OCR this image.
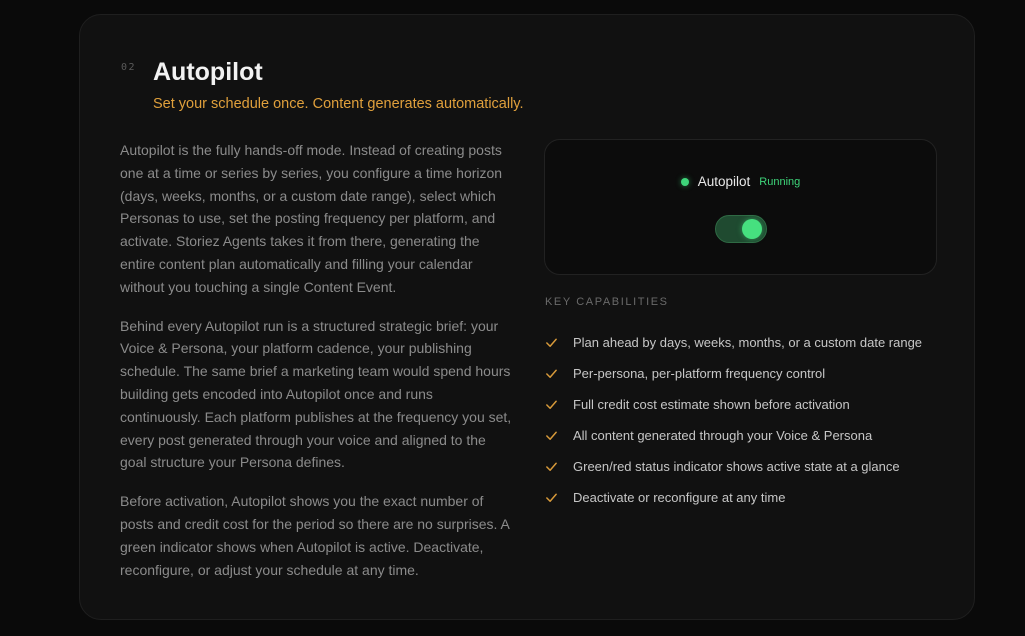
02 Autopilot
Set your schedule once. Content generates automatically.

Autopilot is the fully hands-off mode. Instead of creating posts one at a time or series by series, you configure a time horizon (days, weeks, months, or a custom date range), select which Personas to use, set the posting frequency per platform, and activate. Storiez Agents takes it from there, generating the entire content plan automatically and filling your calendar without you touching a single Content Event.

Behind every Autopilot run is a structured strategic brief: your Voice & Persona, your platform cadence, your publishing schedule. The same brief a marketing team would spend hours building gets encoded into Autopilot once and runs continuously. Each platform publishes at the frequency you set, every post generated through your voice and aligned to the goal structure your Persona defines.

Before activation, Autopilot shows you the exact number of posts and credit cost for the period so there are no surprises. A green indicator shows when Autopilot is active. Deactivate, reconfigure, or adjust your schedule at any time.

Autopilot Running
KEY CAPABILITIES
Plan ahead by days, weeks, months, or a custom date range
Per-persona, per-platform frequency control
Full credit cost estimate shown before activation
All content generated through your Voice & Persona
Green/red status indicator shows active state at a glance
Deactivate or reconfigure at any time
